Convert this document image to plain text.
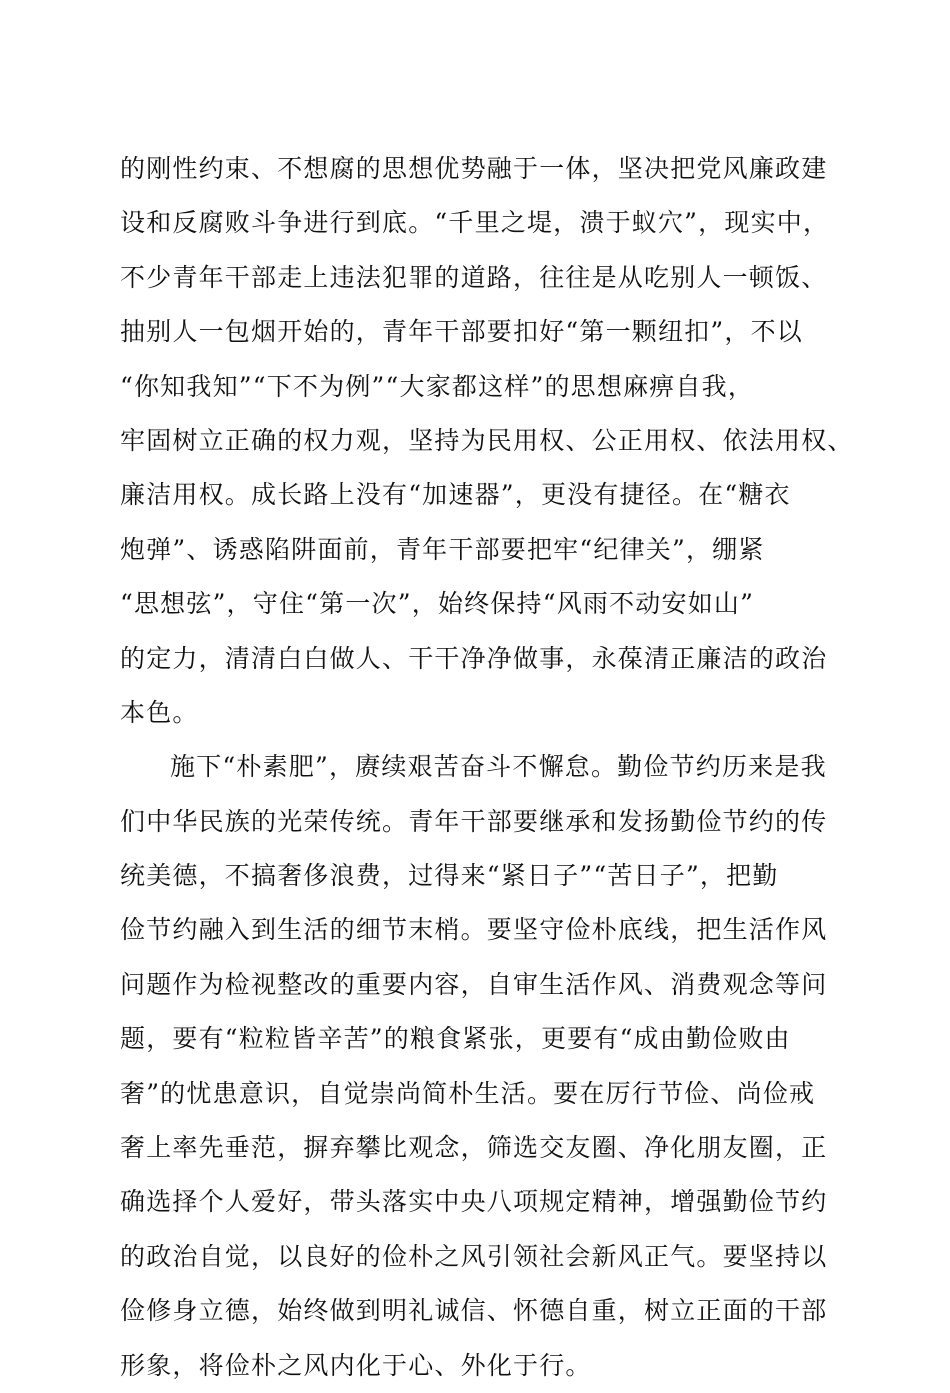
的刚性约束、不想腐的思想优势融于一体，坚决把党风廉政建
设和反腐败斗争进行到底。“千里之堤，溃于蚁穴”，现实中，
不少青年干部走上违法犯罪的道路，往往是从吃别人一顿饭、
抽别人一包烟开始的，青年干部要扣好“第一颗纽扣”，不以
“你知我知”“下不为例”“大家都这样”的思想麻痹自我，
牢固树立正确的权力观，坚持为民用权、公正用权、依法用权、
廉洁用权。成长路上没有“加速器”，更没有捷径。在“糖衣
炮弹”、诱惑陷阱面前，青年干部要把牢“纪律关”，绷紧
“思想弦”，守住“第一次”，始终保持“风雨不动安如山”
的定力，清清白白做人、干干净净做事，永葆清正廉洁的政治
本色。
施下“朴素肥”，赓续艰苦奋斗不懈怠。勤俭节约历来是我
们中华民族的光荣传统。青年干部要继承和发扬勤俭节约的传
统美德，不搞奢侈浪费，过得来“紧日子”“苦日子”，把勤
俭节约融入到生活的细节末梢。要坚守俭朴底线，把生活作风
问题作为检视整改的重要内容，自审生活作风、消费观念等问
题，要有“粒粒皆辛苦”的粮食紧张，更要有“成由勤俭败由
奢”的忧患意识，自觉崇尚简朴生活。要在厉行节俭、尚俭戒
奢上率先垂范，摒弃攀比观念，筛选交友圈、净化朋友圈，正
确选择个人爱好，带头落实中央八项规定精神，增强勤俭节约
的政治自觉，以良好的俭朴之风引领社会新风正气。要坚持以
俭修身立德，始终做到明礼诚信、怀德自重，树立正面的干部
形象，将俭朴之风内化于心、外化于行。
